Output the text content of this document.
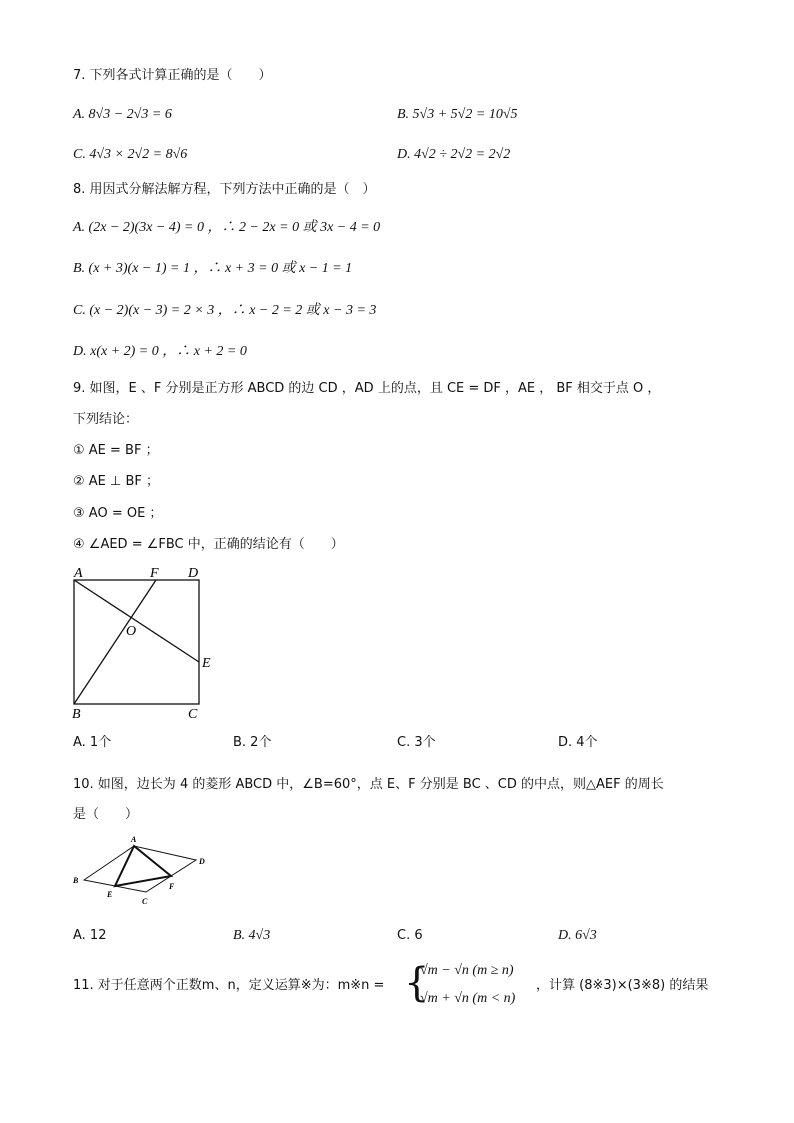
7. 下列各式计算正确的是（　　）
A. 8√3 − 2√3 = 6	B. 5√3 + 5√2 = 10√5
C. 4√3 × 2√2 = 8√6	D. 4√2 ÷ 2√2 = 2√2
8. 用因式分解法解方程，下列方法中正确的是（　）
A. (2x − 2)(3x − 4) = 0 ，∴ 2 − 2x = 0 或 3x − 4 = 0
B. (x + 3)(x − 1) = 1 ，∴ x + 3 = 0 或 x − 1 = 1
C. (x − 2)(x − 3) = 2 × 3 ，∴ x − 2 = 2 或 x − 3 = 3
D. x(x + 2) = 0 ，∴ x + 2 = 0
9. 如图，E 、F 分别是正方形 ABCD 的边 CD ，AD 上的点，且 CE = DF ，AE ， BF 相交于点 O ，
下列结论：
① AE = BF ；
② AE ⊥ BF ；
③ AO = OE ；
④ ∠AED = ∠FBC 中，正确的结论有（　　）
A	F D
O
E
B	C
A. 1个	B. 2个	C. 3个	D. 4个
10. 如图，边长为 4 的菱形 ABCD 中，∠B=60°，点 E、F 分别是 BC 、CD 的中点，则△AEF 的周长
是（　　）
A
B
C
D
E
F
A. 12	B. 4√3	C. 6	D. 6√3
11. 对于任意两个正数m、n，定义运算※为：m※n = {
√m − √n (m ≥ n)
√m + √n (m < n)
，计算 (8※3)×(3※8) 的结果
